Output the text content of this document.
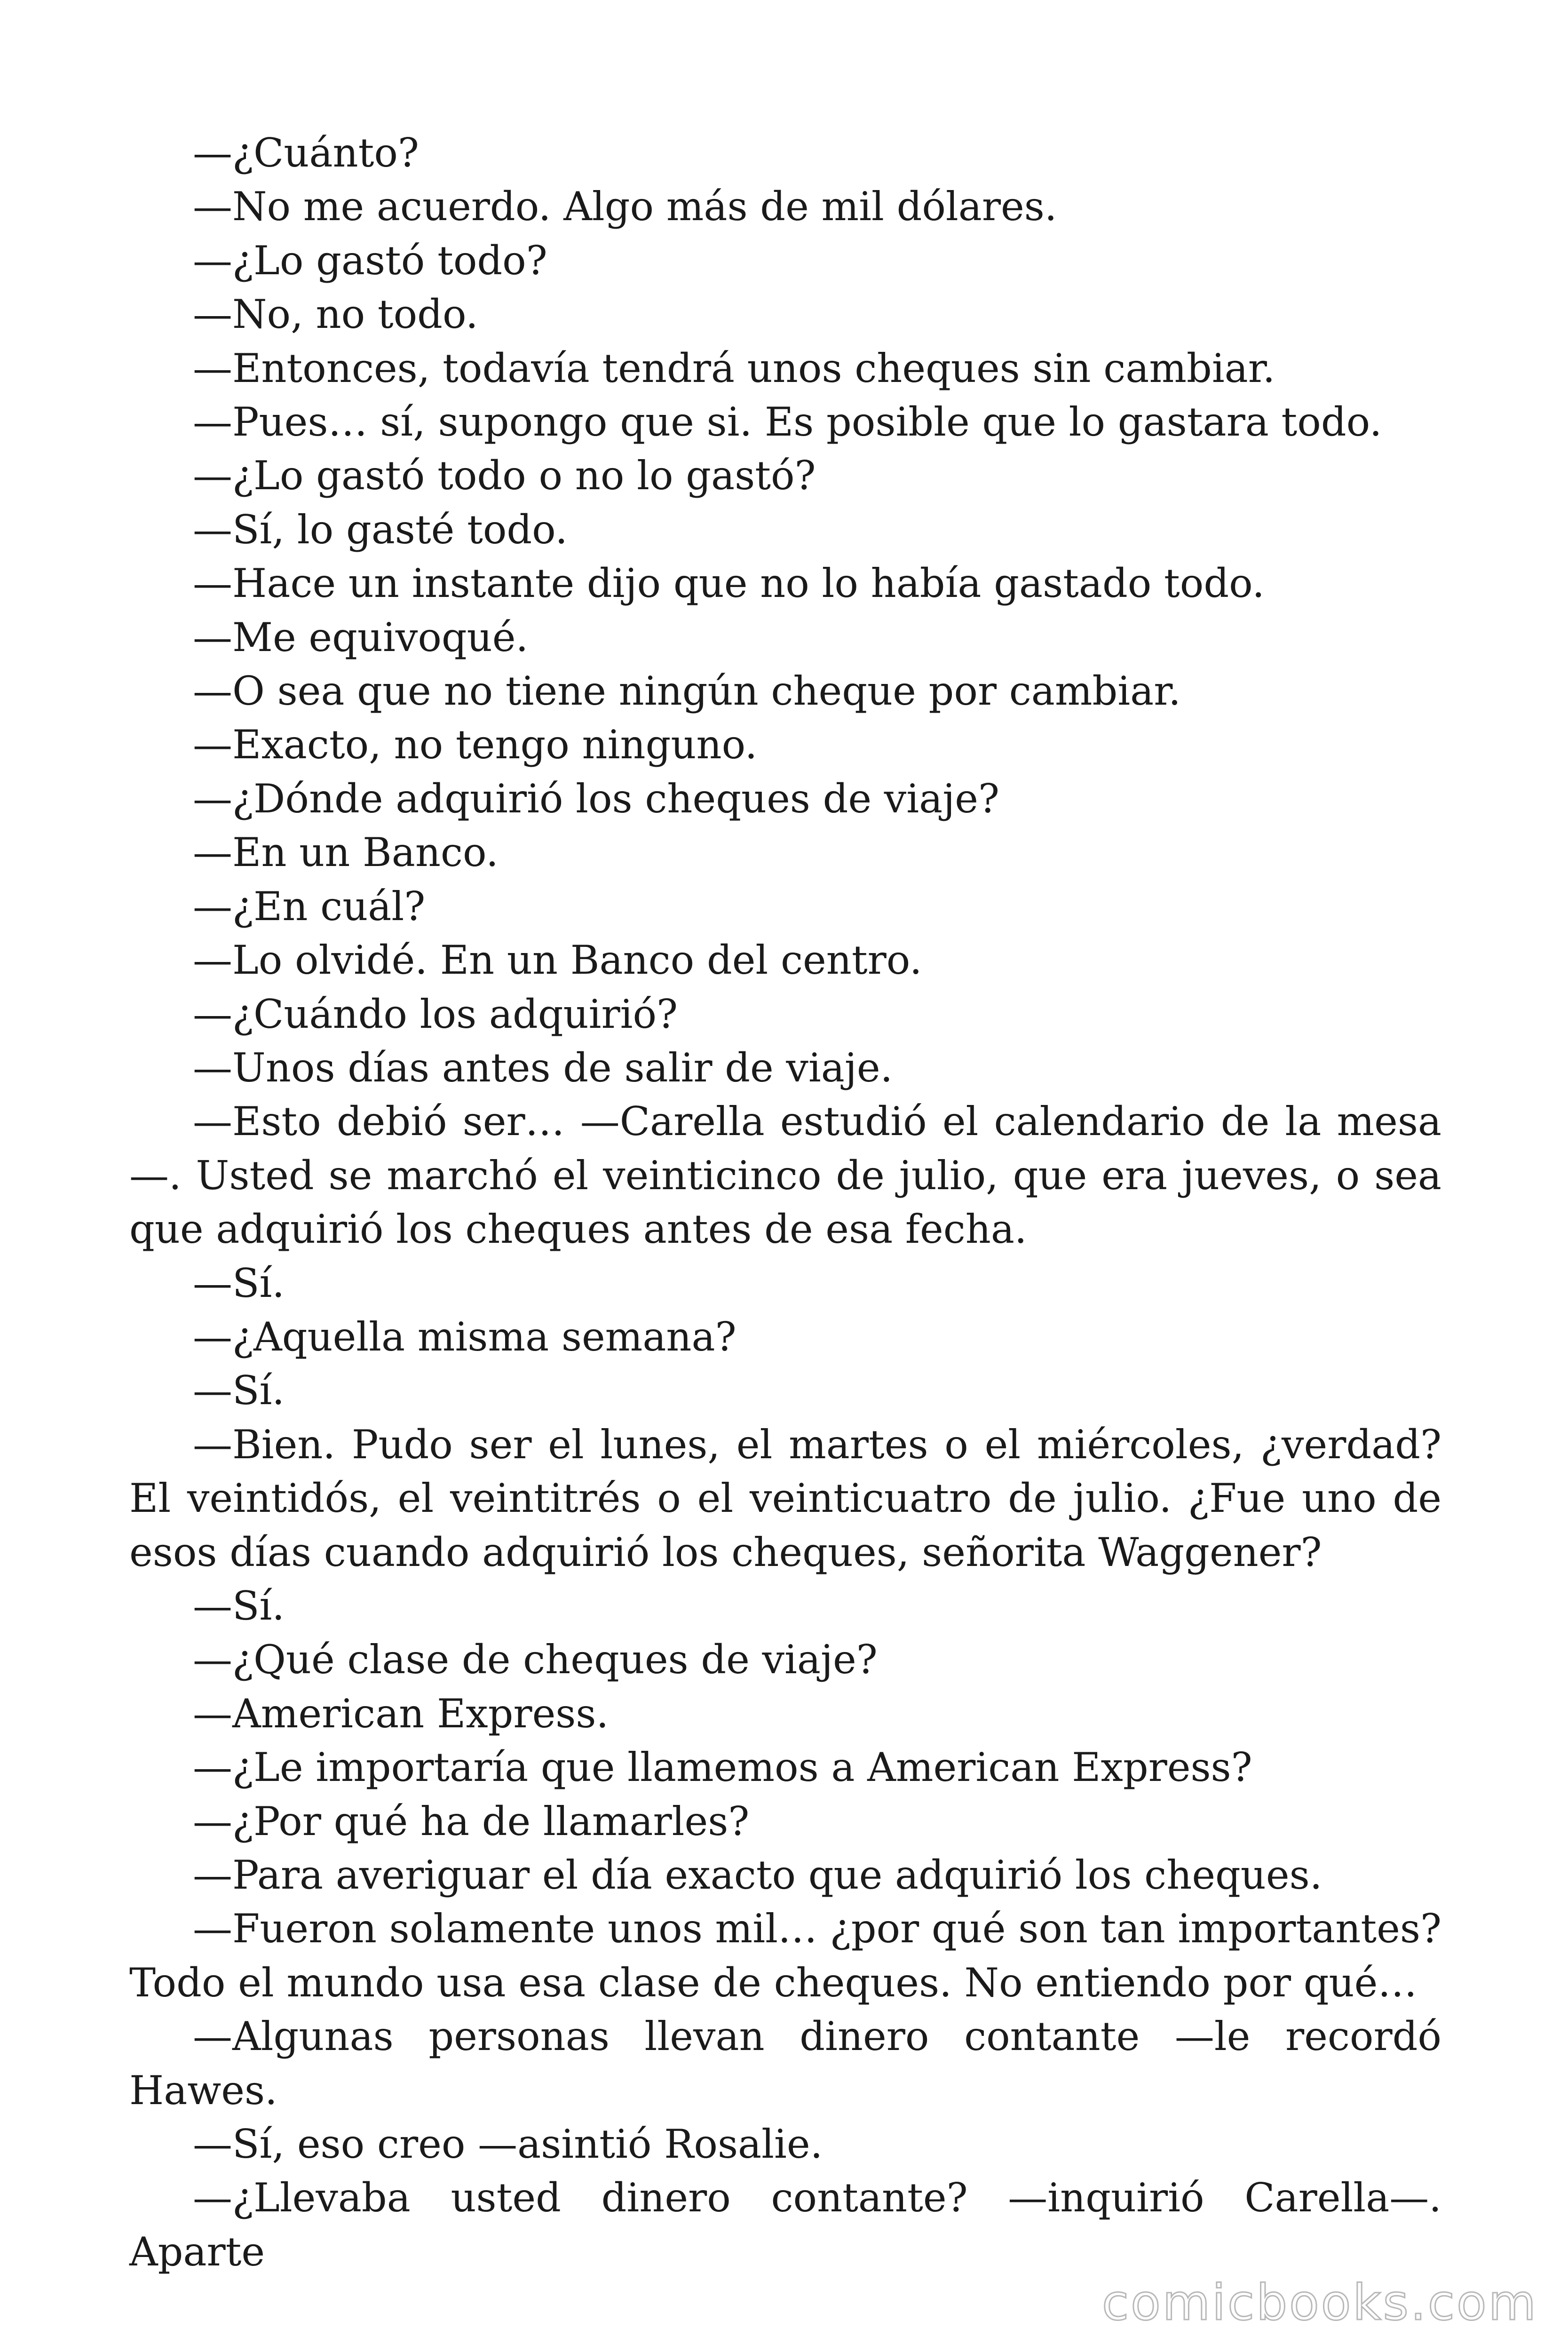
—¿Cuánto?

—No me acuerdo. Algo más de mil dólares.

—¿Lo gastó todo?

—No, no todo.

—Entonces, todavía tendrá unos cheques sin cambiar.

—Pues… sí, supongo que si. Es posible que lo gastara todo.

—¿Lo gastó todo o no lo gastó?

—Sí, lo gasté todo.

—Hace un instante dijo que no lo había gastado todo.

—Me equivoqué.

—O sea que no tiene ningún cheque por cambiar.

—Exacto, no tengo ninguno.

—¿Dónde adquirió los cheques de viaje?

—En un Banco.

—¿En cuál?

—Lo olvidé. En un Banco del centro.

—¿Cuándo los adquirió?

—Unos días antes de salir de viaje.

—Esto debió ser… —Carella estudió el calendario de la mesa—. Usted se marchó el veinticinco de julio, que era jueves, o sea que adquirió los cheques antes de esa fecha.

—Sí.

—¿Aquella misma semana?

—Sí.

—Bien. Pudo ser el lunes, el martes o el miércoles, ¿verdad? El veintidós, el veintitrés o el veinticuatro de julio. ¿Fue uno de esos días cuando adquirió los cheques, señorita Waggener?

—Sí.

—¿Qué clase de cheques de viaje?

—American Express.

—¿Le importaría que llamemos a American Express?

—¿Por qué ha de llamarles?

—Para averiguar el día exacto que adquirió los cheques.

—Fueron solamente unos mil… ¿por qué son tan importantes? Todo el mundo usa esa clase de cheques. No entiendo por qué…

—Algunas personas llevan dinero contante —le recordó Hawes.

—Sí, eso creo —asintió Rosalie.

—¿Llevaba usted dinero contante? —inquirió Carella—. Aparte

comicbooks.com
